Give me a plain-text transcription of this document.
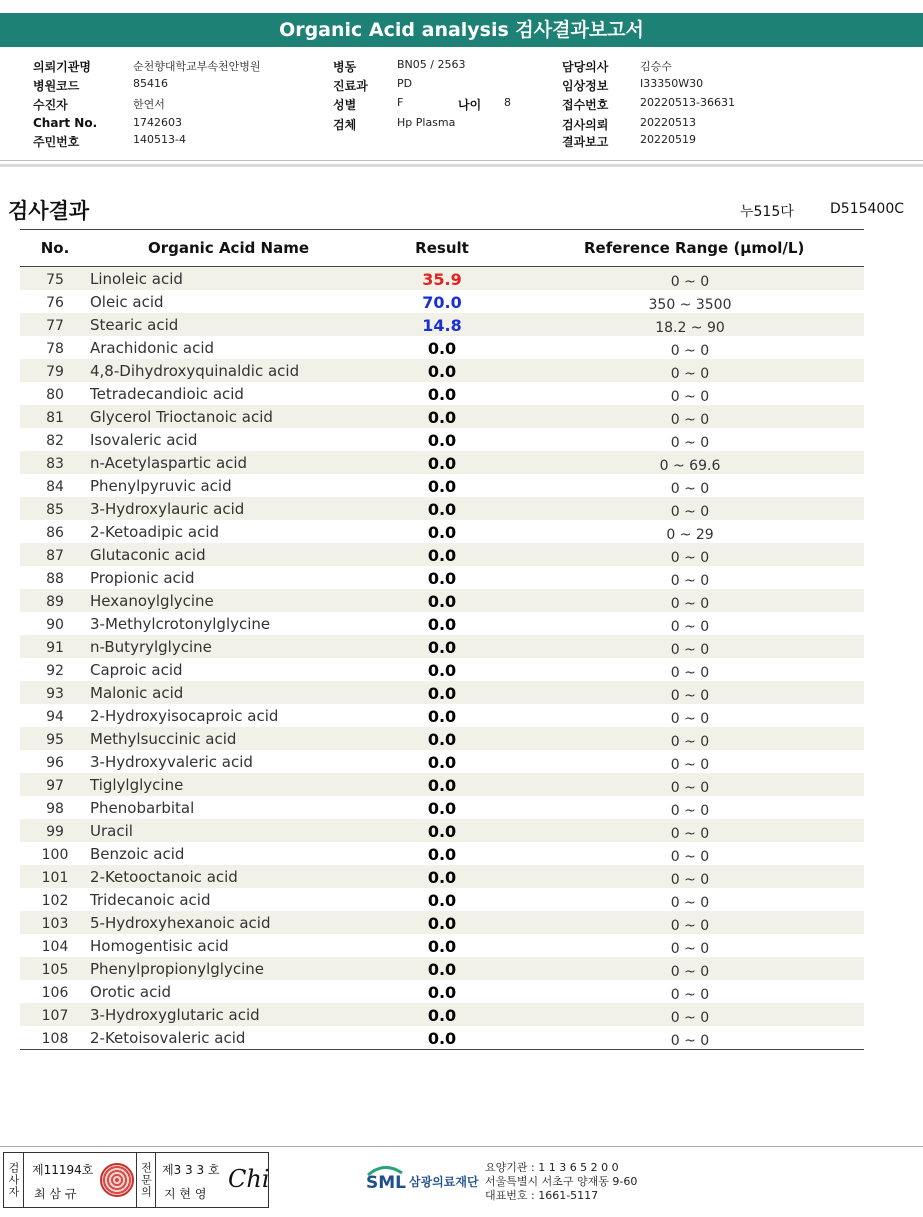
Organic Acid analysis 검사결과보고서
의뢰기관명	순천향대학교부속천안병원
병원코드	85416
수진자	한연서
Chart No.	1742603
주민번호	140513-4
병동	BN05 / 2563
진료과	PD
성별	F	나이 8
검체	Hp Plasma
담당의사	김승수
임상정보	I33350W30
접수번호	20220513-36631
검사의뢰	20220513
결과보고	20220519
검사결과	누515다	D515400C
No.	Organic Acid Name	Result	Reference Range (μmol/L)
75	Linoleic acid	35.9	0 ~ 0
76	Oleic acid	70.0	350 ~ 3500
77	Stearic acid	14.8	18.2 ~ 90
78	Arachidonic acid	0.0	0 ~ 0
79	4,8-Dihydroxyquinaldic acid	0.0	0 ~ 0
80	Tetradecandioic acid	0.0	0 ~ 0
81	Glycerol Trioctanoic acid	0.0	0 ~ 0
82	Isovaleric acid	0.0	0 ~ 0
83	n-Acetylaspartic acid	0.0	0 ~ 69.6
84	Phenylpyruvic acid	0.0	0 ~ 0
85	3-Hydroxylauric acid	0.0	0 ~ 0
86	2-Ketoadipic acid	0.0	0 ~ 29
87	Glutaconic acid	0.0	0 ~ 0
88	Propionic acid	0.0	0 ~ 0
89	Hexanoylglycine	0.0	0 ~ 0
90	3-Methylcrotonylglycine	0.0	0 ~ 0
91	n-Butyrylglycine	0.0	0 ~ 0
92	Caproic acid	0.0	0 ~ 0
93	Malonic acid	0.0	0 ~ 0
94	2-Hydroxyisocaproic acid	0.0	0 ~ 0
95	Methylsuccinic acid	0.0	0 ~ 0
96	3-Hydroxyvaleric acid	0.0	0 ~ 0
97	Tiglylglycine	0.0	0 ~ 0
98	Phenobarbital	0.0	0 ~ 0
99	Uracil	0.0	0 ~ 0
100	Benzoic acid	0.0	0 ~ 0
101	2-Ketooctanoic acid	0.0	0 ~ 0
102	Tridecanoic acid	0.0	0 ~ 0
103	5-Hydroxyhexanoic acid	0.0	0 ~ 0
104	Homogentisic acid	0.0	0 ~ 0
105	Phenylpropionylglycine	0.0	0 ~ 0
106	Orotic acid	0.0	0 ~ 0
107	3-Hydroxyglutaric acid	0.0	0 ~ 0
108	2-Ketoisovaleric acid	0.0	0 ~ 0
검사자 제11194호
최 삼 규	전문의 제3 3 3 호
지 현 영
Chi	SML 삼광의료재단
요양기관 : 1 1 3 6 5 2 0 0
서울특별시 서초구 양재동 9-60
대표번호 : 1661-5117
